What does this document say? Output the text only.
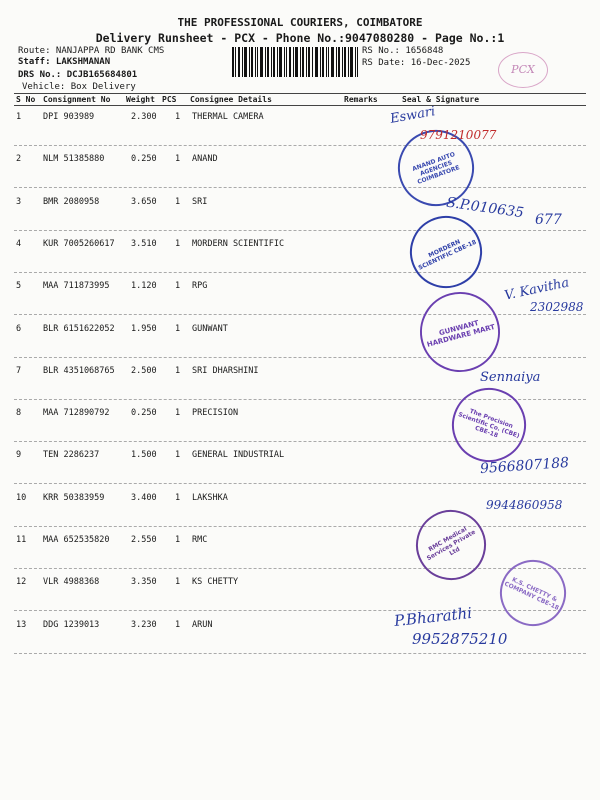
THE PROFESSIONAL COURIERS, COIMBATORE
Delivery Runsheet - PCX - Phone No.:9047080280 - Page No.:1
Route: NANJAPPA RD BANK CMS
Staff: LAKSHMANAN
DRS No.: DCJB165684801
Vehicle: Box Delivery
RS No.: 1656848
RS Date: 16-Dec-2025	PCX
S No Consignment No Weight PCS Consignee Details	Remarks	Seal & Signature
1	DPI 903989	2.300 1 THERMAL CAMERA
2	NLM 51385880	0.250 1 ANAND
3	BMR 2080958	3.650 1 SRI
4	KUR 7005260617 3.510 1 MORDERN SCIENTIFIC
5	MAA 711873995	1.120 1 RPG
6	BLR 6151622052 1.950 1 GUNWANT
7	BLR 4351068765 2.500 1 SRI DHARSHINI
8	MAA 712890792	0.250 1 PRECISION
9	TEN 2286237	1.500 1 GENERAL INDUSTRIAL
10 KRR 50383959	3.400 1 LAKSHKA
11 MAA 652535820	2.550 1 RMC
12 VLR 4988368	3.350 1 KS CHETTY
13 DDG 1239013	3.230 1 ARUN
ANAND AUTO AGENCIES COIMBATORE
MORDERN SCIENTIFIC CBE-18
GUNWANT HARDWARE MART
The Precision Scientific Co. (CBE) CBE-18
RMC Medical Services Private Ltd
K.S. CHETTY & COMPANY CBE-18
Eswari
9791210077
S.P.010635 677
V. Kavitha
2302988
Sennaiya
9566807188
9944860958
P.Bharathi
9952875210
